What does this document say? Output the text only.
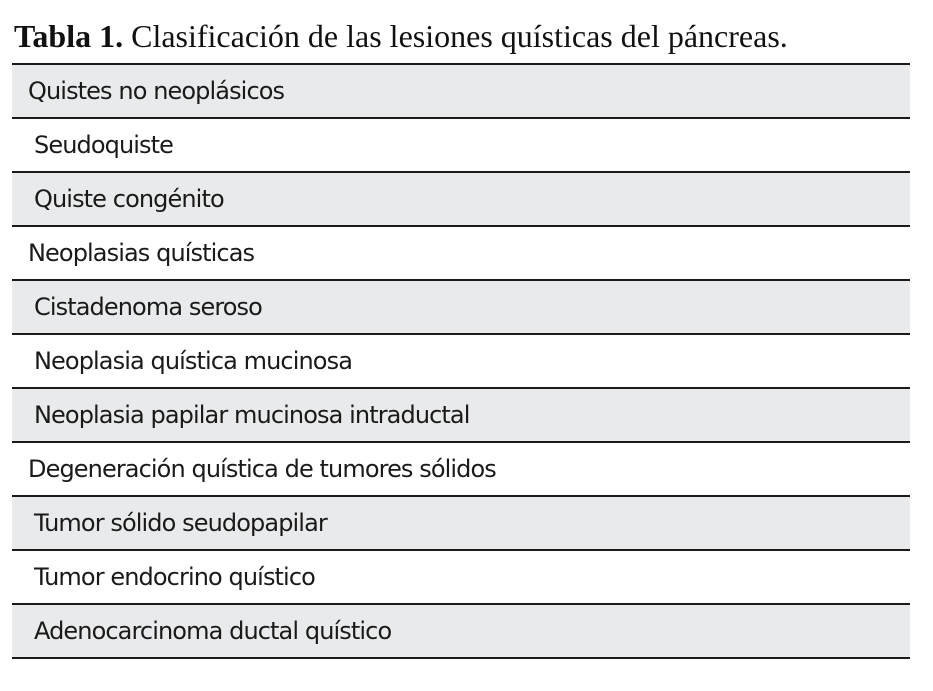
Tabla 1. Clasificación de las lesiones quísticas del páncreas.
Quistes no neoplásicos
Seudoquiste
Quiste congénito
Neoplasias quísticas
Cistadenoma seroso
Neoplasia quística mucinosa
Neoplasia papilar mucinosa intraductal
Degeneración quística de tumores sólidos
Tumor sólido seudopapilar
Tumor endocrino quístico
Adenocarcinoma ductal quístico
